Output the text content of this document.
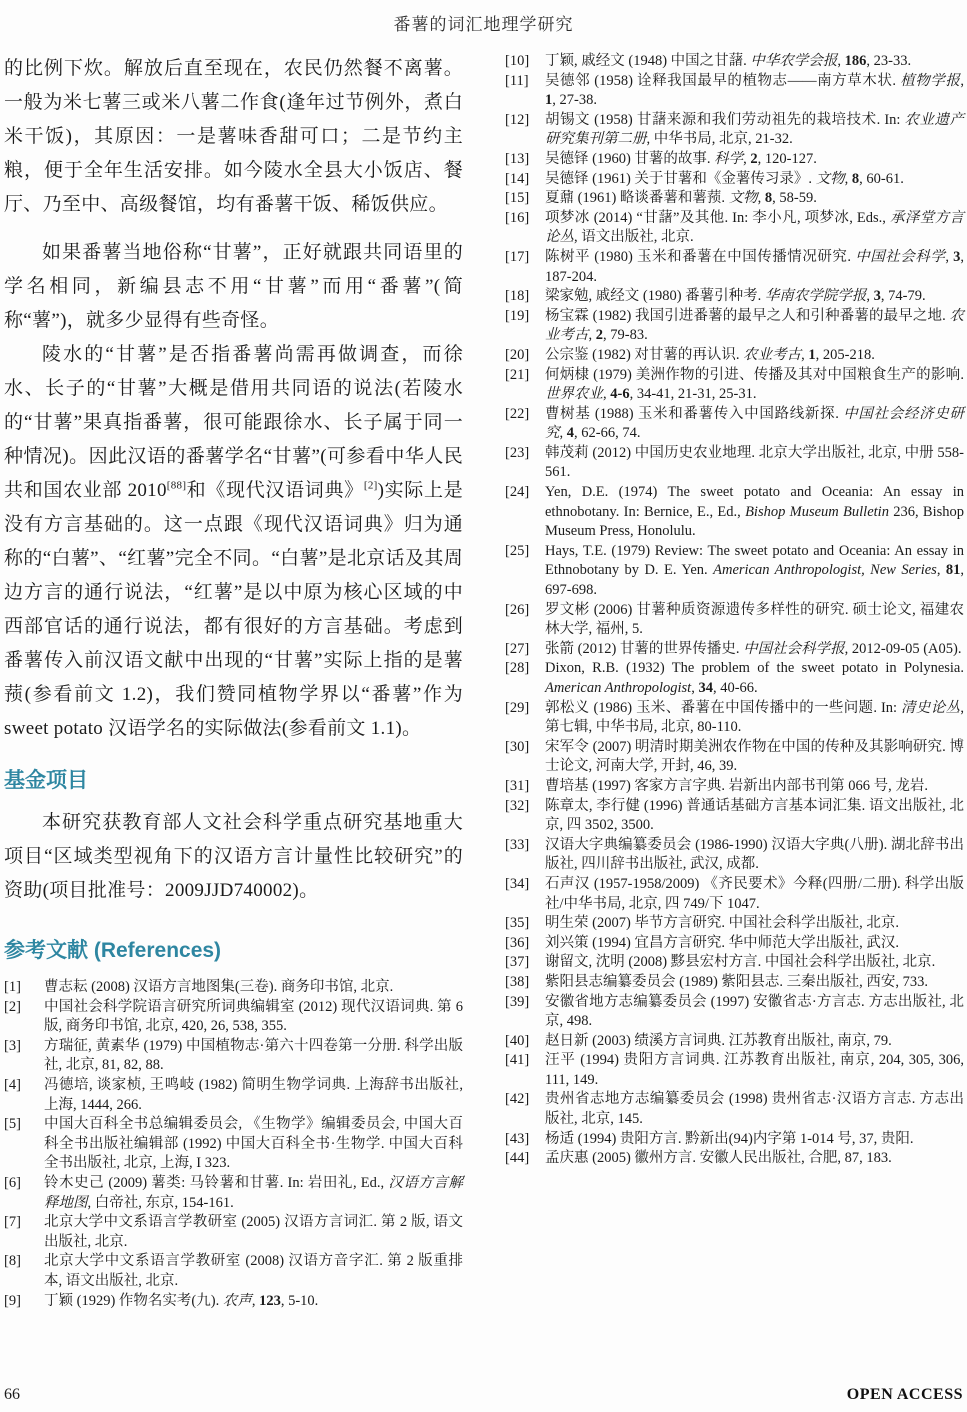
番薯的词汇地理学研究

的比例下炊。解放后直至现在，农民仍然餐不离薯。一般为米七薯三或米八薯二作食(逢年过节例外，煮白米干饭)，其原因：一是薯味香甜可口；二是节约主粮，便于全年生活安排。如今陵水全县大小饭店、餐厅、乃至中、高级餐馆，均有番薯干饭、稀饭供应。

如果番薯当地俗称“甘薯”，正好就跟共同语里的学名相同，新编县志不用“甘薯”而用“番薯”(简称“薯”)，就多少显得有些奇怪。

陵水的“甘薯”是否指番薯尚需再做调查，而徐水、长子的“甘薯”大概是借用共同语的说法(若陵水的“甘薯”果真指番薯，很可能跟徐水、长子属于同一种情况)。因此汉语的番薯学名“甘薯”(可参看中华人民共和国农业部 2010[88]和《现代汉语词典》[2])实际上是没有方言基础的。这一点跟《现代汉语词典》归为通称的“白薯”、“红薯”完全不同。“白薯”是北京话及其周边方言的通行说法，“红薯”是以中原为核心区域的中西部官话的通行说法，都有很好的方言基础。考虑到番薯传入前汉语文献中出现的“甘薯”实际上指的是薯蓣(参看前文 1.2)，我们赞同植物学界以“番薯”作为 sweet potato 汉语学名的实际做法(参看前文 1.1)。

基金项目

本研究获教育部人文社会科学重点研究基地重大项目“区域类型视角下的汉语方言计量性比较研究”的资助(项目批准号：2009JJD740002)。

参考文献 (References)
[1]	曹志耘 (2008) 汉语方言地图集(三卷). 商务印书馆, 北京.
[2]	中国社会科学院语言研究所词典编辑室 (2012) 现代汉语词典. 第 6 版, 商务印书馆, 北京, 420, 26, 538, 355.
[3]	方瑞征, 黄素华 (1979) 中国植物志·第六十四卷第一分册. 科学出版社, 北京, 81, 82, 88.
[4]	冯德培, 谈家桢, 王鸣岐 (1982) 简明生物学词典. 上海辞书出版社, 上海, 1444, 266.
[5]	中国大百科全书总编辑委员会, 《生物学》编辑委员会, 中国大百科全书出版社编辑部 (1992) 中国大百科全书·生物学. 中国大百科全书出版社, 北京, 上海, I 323.
[6]	铃木史己 (2009) 薯类: 马铃薯和甘薯. In: 岩田礼, Ed., 汉语方言解释地图, 白帝社, 东京, 154-161.
[7]	北京大学中文系语言学教研室 (2005) 汉语方言词汇. 第 2 版, 语文出版社, 北京.
[8]	北京大学中文系语言学教研室 (2008) 汉语方音字汇. 第 2 版重排本, 语文出版社, 北京.
[9]	丁颖 (1929) 作物名实考(九). 农声, 123, 5-10.
[10]	丁颖, 戚经文 (1948) 中国之甘藷. 中华农学会报, 186, 23-33.
[11]	吴德邻 (1958) 诠释我国最早的植物志——南方草木状. 植物学报, 1, 27-38.
[12]	胡锡文 (1958) 甘藷来源和我们劳动祖先的栽培技术. In: 农业遗产研究集刊第二册, 中华书局, 北京, 21-32.
[13]	吴德铎 (1960) 甘薯的故事. 科学, 2, 120-127.
[14]	吴德铎 (1961) 关于甘薯和《金薯传习录》. 文物, 8, 60-61.
[15]	夏鼐 (1961) 略谈番薯和薯蓣. 文物, 8, 58-59.
[16]	项梦冰 (2014) “甘藷”及其他. In: 李小凡, 项梦冰, Eds., 承泽堂方言论丛, 语文出版社, 北京.
[17]	陈树平 (1980) 玉米和番薯在中国传播情况研究. 中国社会科学, 3, 187-204.
[18]	梁家勉, 戚经文 (1980) 番薯引种考. 华南农学院学报, 3, 74-79.
[19]	杨宝霖 (1982) 我国引进番薯的最早之人和引种番薯的最早之地. 农业考古, 2, 79-83.
[20]	公宗鉴 (1982) 对甘薯的再认识. 农业考古, 1, 205-218.
[21]	何炳棣 (1979) 美洲作物的引进、传播及其对中国粮食生产的影响. 世界农业, 4-6, 34-41, 21-31, 25-31.
[22]	曹树基 (1988) 玉米和番薯传入中国路线新探. 中国社会经济史研究, 4, 62-66, 74.
[23]	韩茂莉 (2012) 中国历史农业地理. 北京大学出版社, 北京, 中册 558-561.
[24]	Yen, D.E. (1974) The sweet potato and Oceania: An essay in ethnobotany. In: Bernice, E., Ed., Bishop Museum Bulletin 236, Bishop Museum Press, Honolulu.
[25]	Hays, T.E. (1979) Review: The sweet potato and Oceania: An essay in Ethnobotany by D. E. Yen. American Anthropologist, New Series, 81, 697-698.
[26]	罗文彬 (2006) 甘薯种质资源遗传多样性的研究. 硕士论文, 福建农林大学, 福州, 5.
[27]	张箭 (2012) 甘薯的世界传播史. 中国社会科学报, 2012-09-05 (A05).
[28]	Dixon, R.B. (1932) The problem of the sweet potato in Polynesia. American Anthropologist, 34, 40-66.
[29]	郭松义 (1986) 玉米、番薯在中国传播中的一些问题. In: 清史论丛, 第七辑, 中华书局, 北京, 80-110.
[30]	宋军令 (2007) 明清时期美洲农作物在中国的传种及其影响研究. 博士论文, 河南大学, 开封, 46, 39.
[31]	曹培基 (1997) 客家方言字典. 岩新出内部书刊第 066 号, 龙岩.
[32]	陈章太, 李行健 (1996) 普通话基础方言基本词汇集. 语文出版社, 北京, 四 3502, 3500.
[33]	汉语大字典编纂委员会 (1986-1990) 汉语大字典(八册). 湖北辞书出版社, 四川辞书出版社, 武汉, 成都.
[34]	石声汉 (1957-1958/2009) 《齐民要术》今释(四册/二册). 科学出版社/中华书局, 北京, 四 749/下 1047.
[35]	明生荣 (2007) 毕节方言研究. 中国社会科学出版社, 北京.
[36]	刘兴策 (1994) 宜昌方言研究. 华中师范大学出版社, 武汉.
[37]	谢留文, 沈明 (2008) 黟县宏村方言. 中国社会科学出版社, 北京.
[38]	紫阳县志编纂委员会 (1989) 紫阳县志. 三秦出版社, 西安, 733.
[39]	安徽省地方志编纂委员会 (1997) 安徽省志·方言志. 方志出版社, 北京, 498.
[40]	赵日新 (2003) 绩溪方言词典. 江苏教育出版社, 南京, 79.
[41]	汪平 (1994) 贵阳方言词典. 江苏教育出版社, 南京, 204, 305, 306, 111, 149.
[42]	贵州省志地方志编纂委员会 (1998) 贵州省志·汉语方言志. 方志出版社, 北京, 145.
[43]	杨适 (1994) 贵阳方言. 黔新出(94)内字第 1-014 号, 37, 贵阳.
[44]	孟庆惠 (2005) 徽州方言. 安徽人民出版社, 合肥, 87, 183.
66	OPEN ACCESS
